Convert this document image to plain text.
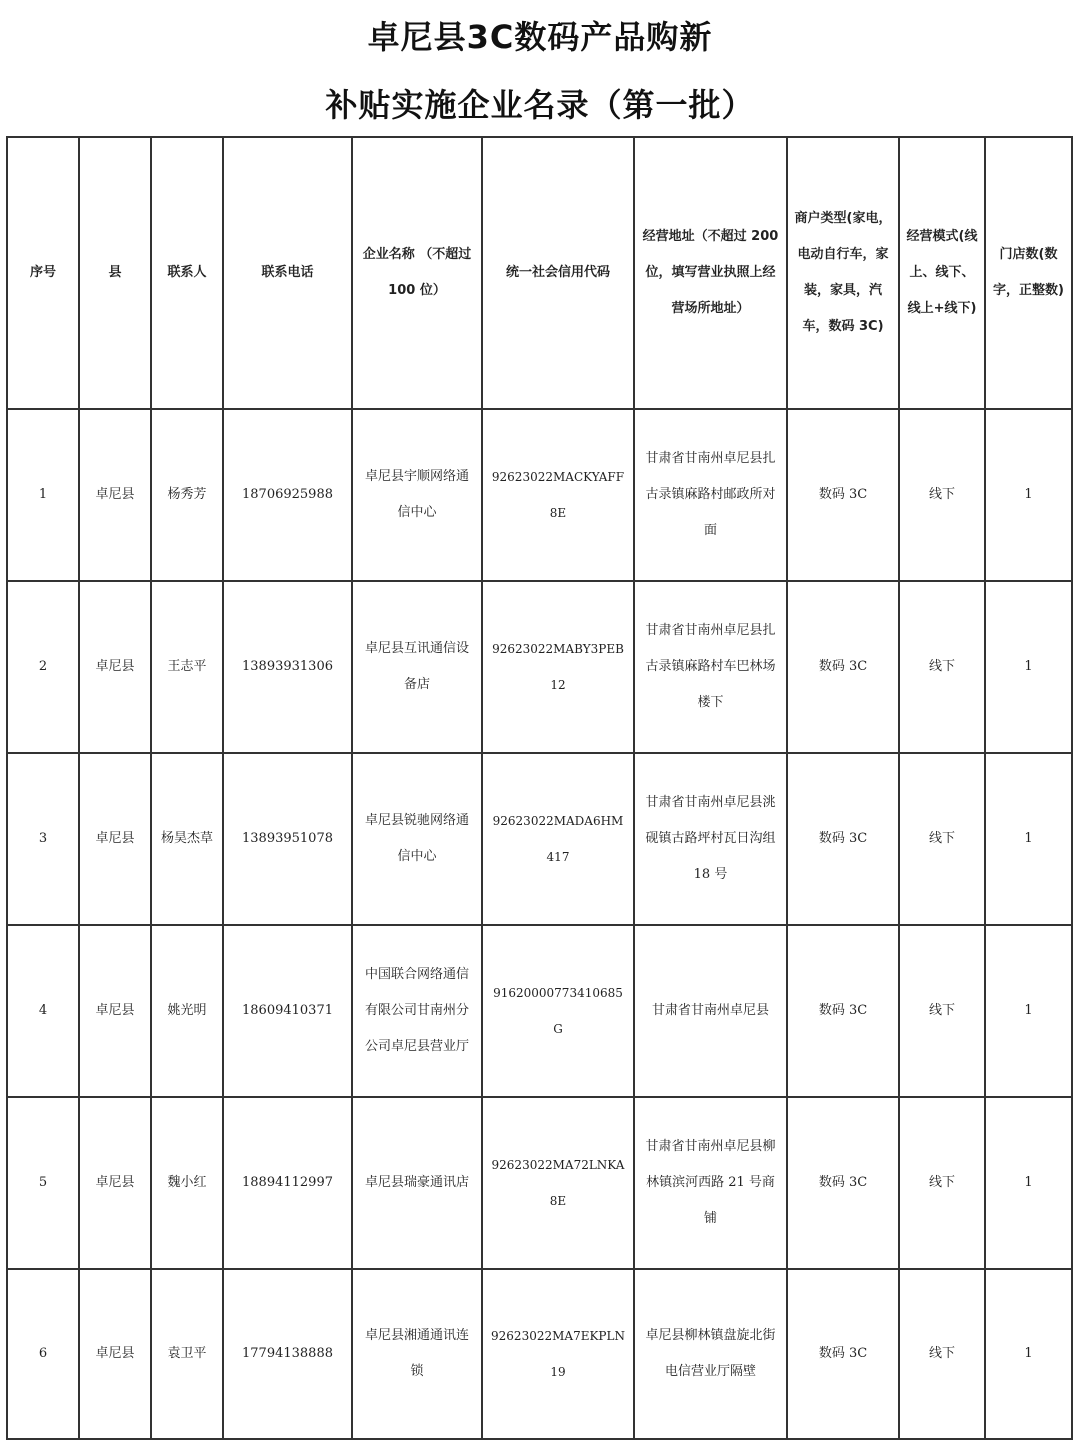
卓尼县3C数码产品购新
补贴实施企业名录（第一批）
序号	县	联系人	联系电话	企业名称 （不超过 100 位）	统一社会信用代码	经营地址（不超过 200 位，填写营业执照上经营场所地址）	商户类型(家电，电动自行车，家装，家具，汽车，数码 3C)	经营模式(线上、线下、线上+线下)	门店数(数字，正整数)
1	卓尼县	杨秀芳	18706925988	卓尼县宇顺网络通信中心	92623022MACKYAFF8E	甘肃省甘南州卓尼县扎古录镇麻路村邮政所对面	数码 3C	线下	1
2	卓尼县	王志平	13893931306	卓尼县互讯通信设备店	92623022MABY3PEB12	甘肃省甘南州卓尼县扎古录镇麻路村车巴林场楼下	数码 3C	线下	1
3	卓尼县	杨昊杰草	13893951078	卓尼县锐驰网络通信中心	92623022MADA6HM417	甘肃省甘南州卓尼县洮砚镇古路坪村瓦日沟组 18 号	数码 3C	线下	1
4	卓尼县	姚光明	18609410371	中国联合网络通信有限公司甘南州分公司卓尼县营业厅	91620000773410685G	甘肃省甘南州卓尼县	数码 3C	线下	1
5	卓尼县	魏小红	18894112997	卓尼县瑞豪通讯店	92623022MA72LNKA8E	甘肃省甘南州卓尼县柳林镇滨河西路 21 号商铺	数码 3C	线下	1
6	卓尼县	袁卫平	17794138888	卓尼县湘通通讯连锁	92623022MA7EKPLN19	卓尼县柳林镇盘旋北街电信营业厅隔壁	数码 3C	线下	1
